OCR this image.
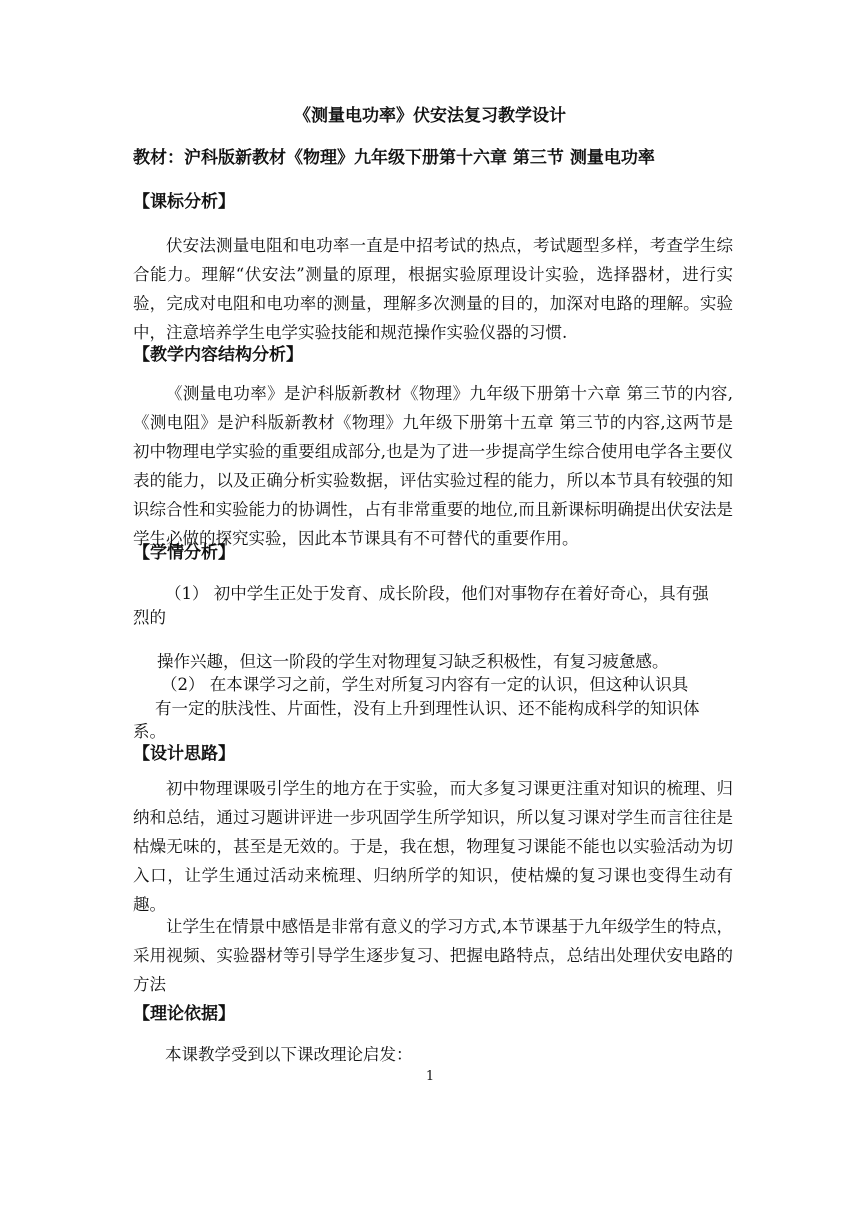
《测量电功率》伏安法复习教学设计
教材：沪科版新教材《物理》九年级下册第十六章 第三节 测量电功率
【课标分析】
伏安法测量电阻和电功率一直是中招考试的热点，考试题型多样，考查学生综合能力。理解“伏安法”测量的原理，根据实验原理设计实验，选择器材，进行实验，完成对电阻和电功率的测量，理解多次测量的目的，加深对电路的理解。实验中，注意培养学生电学实验技能和规范操作实验仪器的习惯.
【教学内容结构分析】
《测量电功率》是沪科版新教材《物理》九年级下册第十六章 第三节的内容,《测电阻》是沪科版新教材《物理》九年级下册第十五章 第三节的内容,这两节是初中物理电学实验的重要组成部分,也是为了进一步提高学生综合使用电学各主要仪表的能力，以及正确分析实验数据，评估实验过程的能力，所以本节具有较强的知识综合性和实验能力的协调性，占有非常重要的地位,而且新课标明确提出伏安法是学生必做的探究实验，因此本节课具有不可替代的重要作用。
【学情分析】
（1） 初中学生正处于发育、成长阶段，他们对事物存在着好奇心，具有强
烈的
操作兴趣，但这一阶段的学生对物理复习缺乏积极性，有复习疲惫感。
（2） 在本课学习之前，学生对所复习内容有一定的认识，但这种认识具
有一定的肤浅性、片面性，没有上升到理性认识、还不能构成科学的知识体
系。
【设计思路】
初中物理课吸引学生的地方在于实验，而大多复习课更注重对知识的梳理、归纳和总结，通过习题讲评进一步巩固学生所学知识，所以复习课对学生而言往往是枯燥无味的，甚至是无效的。于是，我在想，物理复习课能不能也以实验活动为切入口，让学生通过活动来梳理、归纳所学的知识，使枯燥的复习课也变得生动有趣。
让学生在情景中感悟是非常有意义的学习方式,本节课基于九年级学生的特点，采用视频、实验器材等引导学生逐步复习、把握电路特点，总结出处理伏安电路的方法
【理论依据】
本课教学受到以下课改理论启发：
1
